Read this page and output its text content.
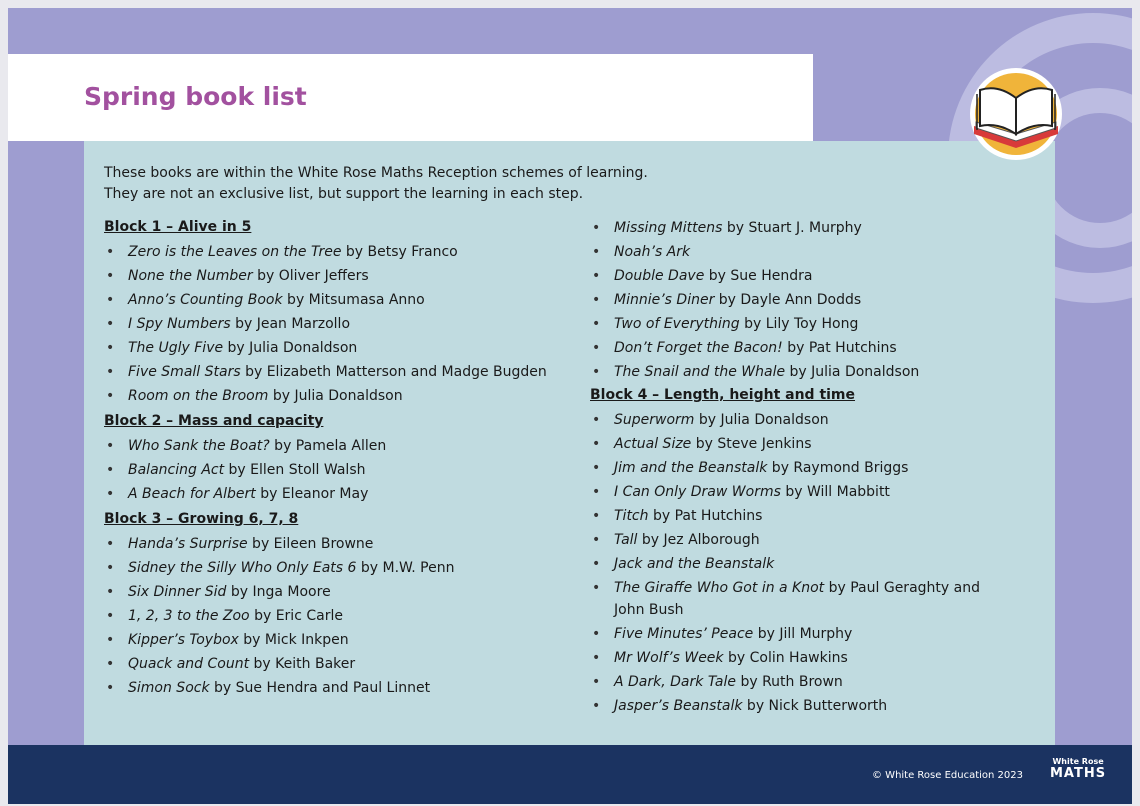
Spring book list
These books are within the White Rose Maths Reception schemes of learning.
They are not an exclusive list, but support the learning in each step.
Block 1 – Alive in 5
• Zero is the Leaves on the Tree by Betsy Franco
• None the Number by Oliver Jeffers
• Anno’s Counting Book by Mitsumasa Anno
• I Spy Numbers by Jean Marzollo
• The Ugly Five by Julia Donaldson
• Five Small Stars by Elizabeth Matterson and Madge Bugden
• Room on the Broom by Julia Donaldson
Block 2 – Mass and capacity
• Who Sank the Boat? by Pamela Allen
• Balancing Act by Ellen Stoll Walsh
• A Beach for Albert by Eleanor May
Block 3 – Growing 6, 7, 8
• Handa’s Surprise by Eileen Browne
• Sidney the Silly Who Only Eats 6 by M.W. Penn
• Six Dinner Sid by Inga Moore
• 1, 2, 3 to the Zoo by Eric Carle
• Kipper’s Toybox by Mick Inkpen
• Quack and Count by Keith Baker
• Simon Sock by Sue Hendra and Paul Linnet
• Missing Mittens by Stuart J. Murphy
• Noah’s Ark
• Double Dave by Sue Hendra
• Minnie’s Diner by Dayle Ann Dodds
• Two of Everything by Lily Toy Hong
• Don’t Forget the Bacon! by Pat Hutchins
• The Snail and the Whale by Julia Donaldson
Block 4 – Length, height and time
• Superworm by Julia Donaldson
• Actual Size by Steve Jenkins
• Jim and the Beanstalk by Raymond Briggs
• I Can Only Draw Worms by Will Mabbitt
• Titch by Pat Hutchins
• Tall by Jez Alborough
• Jack and the Beanstalk
• The Giraffe Who Got in a Knot by Paul Geraghty and John Bush
• Five Minutes’ Peace by Jill Murphy
• Mr Wolf’s Week by Colin Hawkins
• A Dark, Dark Tale by Ruth Brown
• Jasper’s Beanstalk by Nick Butterworth
© White Rose Education 2023
White Rose
MATHS
